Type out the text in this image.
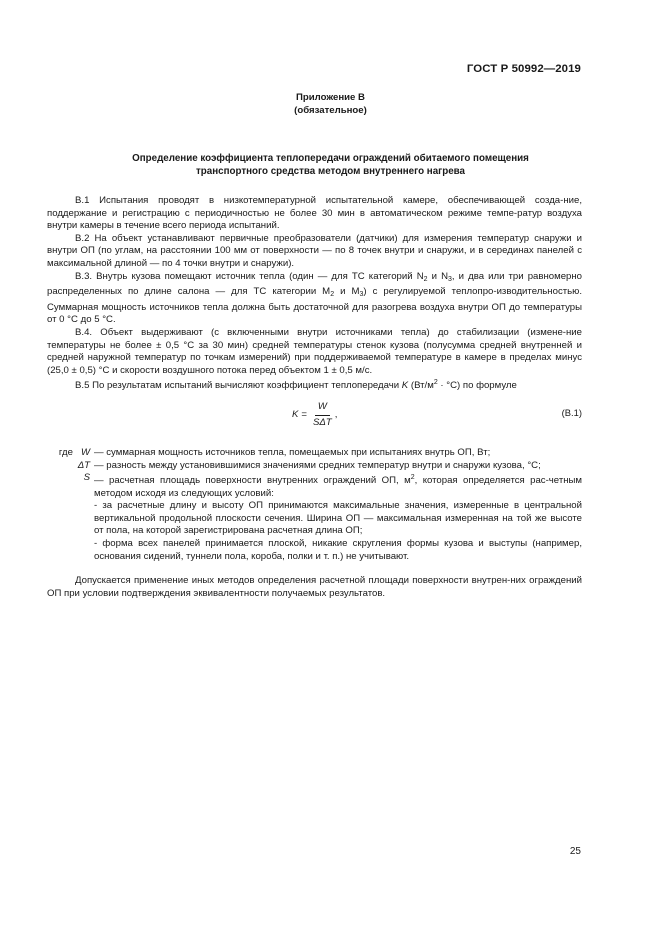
ГОСТ Р 50992—2019
Приложение В
(обязательное)
Определение коэффициента теплопередачи ограждений обитаемого помещения
транспортного средства методом внутреннего нагрева

В.1 Испытания проводят в низкотемпературной испытательной камере, обеспечивающей созда-ние, поддержание и регистрацию с периодичностью не более 30 мин в автоматическом режиме темпе-ратур воздуха внутри камеры в течение всего периода испытаний.

В.2 На объект устанавливают первичные преобразователи (датчики) для измерения температур снаружи и внутри ОП (по углам, на расстоянии 100 мм от поверхности — по 8 точек внутри и снаружи, и в серединах панелей с максимальной длиной — по 4 точки внутри и снаружи).

В.3. Внутрь кузова помещают источник тепла (один — для ТС категорий $N_2$ и $N_3$, и два или три равномерно распределенных по длине салона — для ТС категории $M_2$ и $M_3$) с регулируемой теплопро-изводительностью. Суммарная мощность источников тепла должна быть достаточной для разогрева воздуха внутри ОП до температуры от 0 °С до 5 °С.

В.4. Объект выдерживают (с включенными внутри источниками тепла) до стабилизации (измене-ние температуры не более ± 0,5 °С за 30 мин) средней температуры стенок кузова (полусумма средней внутренней и средней наружной температур по точкам измерений) при поддерживаемой температуре в камере в пределах минус (25,0 ± 0,5) °С и скорости воздушного потока перед объектом 1 ± 0,5 м/с.

В.5 По результатам испытаний вычисляют коэффициент теплопередачи K $(Вт/м^2 \cdot ^\circ С)$ по формуле

$K = \frac{W}{\text{SΔT}}$ ,	(В.1)
где W — суммарная мощность источников тепла, помещаемых при испытаниях внутрь ОП, Вт;
ΔT — разность между установившимися значениями средних температур внутри и снаружи кузова, °С;
S — расчетная площадь поверхности внутренних ограждений ОП, $м^2$, которая определяется рас-четным методом исходя из следующих условий:
- за расчетные длину и высоту ОП принимаются максимальные значения, измеренные в центральной вертикальной продольной плоскости сечения. Ширина ОП — максимальная измеренная на той же высоте от пола, на которой зарегистрирована расчетная длина ОП;
- форма всех панелей принимается плоской, никакие скругления формы кузова и выступы (например, основания сидений, туннели пола, короба, полки и т. п.) не учитывают.

Допускается применение иных методов определения расчетной площади поверхности внутрен-них ограждений ОП при условии подтверждения эквивалентности получаемых результатов.

25
